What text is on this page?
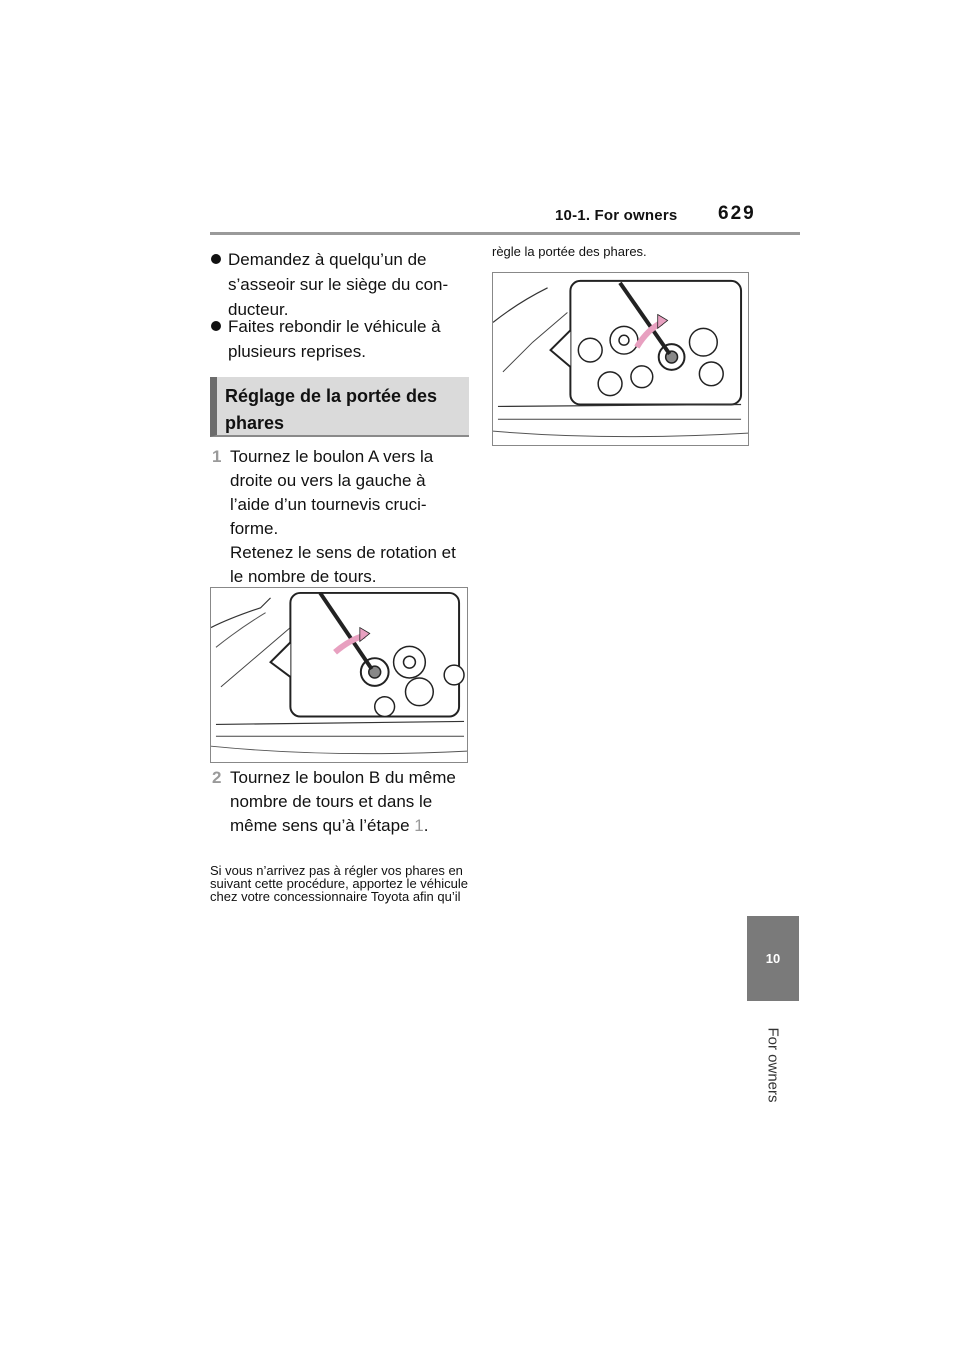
10-1. For owners 629
10
For owners
Demandez à quelqu’un de s’asseoir sur le siège du con-ducteur.
Faites rebondir le véhicule à plusieurs reprises.
Réglage de la portée des phares
1 Tournez le boulon A vers la droite ou vers la gauche à l’aide d’un tournevis cruci-forme.
Retenez le sens de rotation et le nombre de tours.
2 Tournez le boulon B du même nombre de tours et dans le même sens qu’à l’étape 1.
Si vous n’arrivez pas à régler vos phares en suivant cette procédure, apportez le véhicule chez votre concessionnaire Toyota afin qu’il
règle la portée des phares.
